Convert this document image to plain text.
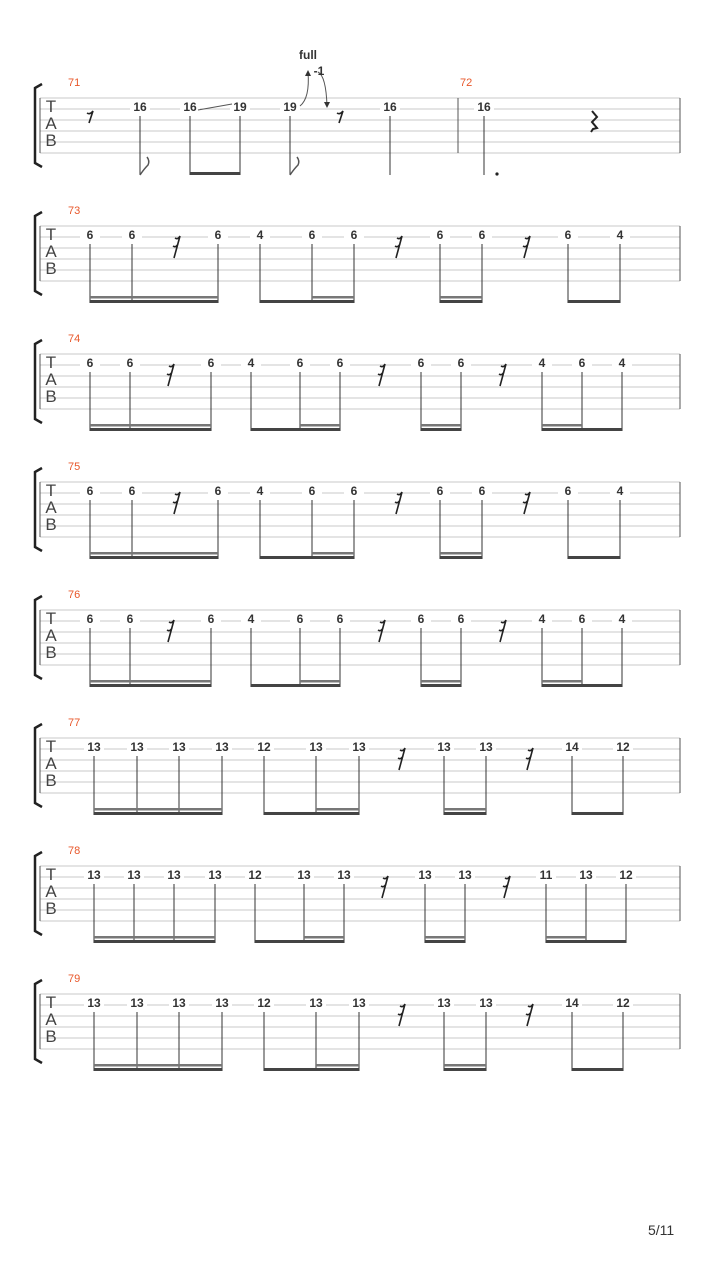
T
A
B
71
16	16	19	19	16
72
16
full
-1
T
A
B
73
6	6	6	4	6	6	6	6	6	4
T
A
B
74
6	6	6	4	6	6	6	6	4	6	4
T
A
B
75
6	6	6	4	6	6	6	6	6	4
T
A
B
76
6	6	6	4	6	6	6	6	4	6	4
T
A
B
77
13 13 13 13 12	13 13	13 13	14	12
T
A
B
78
13 13 13 13 12	13 13	13 13	11 13 12
T
A
B
79
13 13 13 13 12	13 13	13 13	14	12
5/11
